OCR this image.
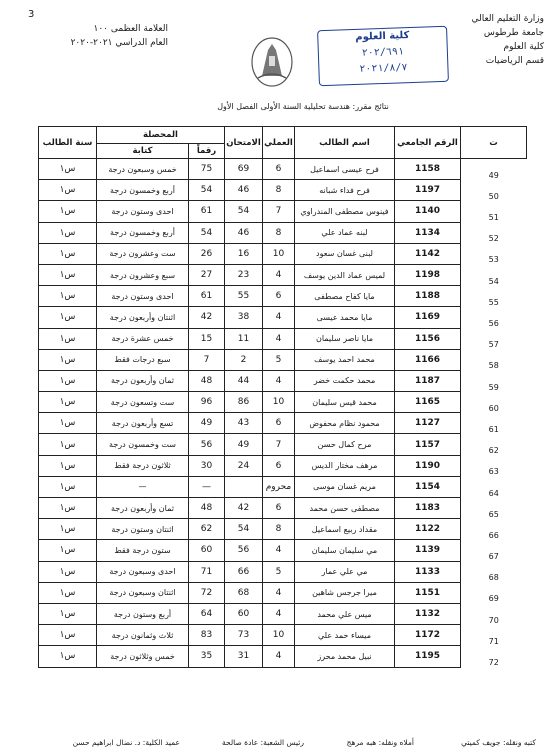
3
العلامة العظمى ١٠٠
العام الدراسي ٢٠٢١-٢٠٢٠
وزارة التعليم العالي
جامعة طرطوس
كلية العلوم
قسم الرياضيات
كلية العلوم
٢٠٢/٦٩١
٢٠٢١/٨/٧
نتائج مقرر: هندسة تحليلية السنة الأولى الفصل الأول
سنة الطالب	المحصلة		الامتحان	العملي	اسم الطالب	الرقم الجامعي	ت
	كتابة	رقماً					
س١	خمس وسبعون درجة	75	69	6	فرح عيسى اسماعيل	1158	49
س١	أربع وخمسون درجة	54	46	8	فرح فداء شبانه	1197	50
س١	احدى وستون درجة	61	54	7	فينوس مصطفى المندراوي	1140	51
س١	أربع وخمسون درجة	54	46	8	لبنه عماد علي	1134	52
س١	ست وعشرون درجة	26	16	10	لبنى غسان سعود	1142	53
س١	سبع وعشرون درجة	27	23	4	لميس عماد الدين يوسف	1198	54
س١	احدى وستون درجة	61	55	6	مايا كفاح مصطفى	1188	55
س١	اثنتان وأربعون درجة	42	38	4	مايا محمد عيسى	1169	56
س١	خمس عشرة درجة	15	11	4	مايا ناصر سليمان	1156	57
س١	سبع درجات فقط	7	2	5	محمد احمد يوسف	1166	58
س١	ثمان وأربعون درجة	48	44	4	محمد حكمت خضر	1187	59
س١	ست وتسعون درجة	96	86	10	محمد قيس سليمان	1165	60
س١	تسع وأربعون درجة	49	43	6	محمود نظام محفوض	1127	61
س١	ست وخمسون درجة	56	49	7	مرح كمال حسن	1157	62
س١	ثلاثون درجة فقط	30	24	6	مرهف مختار الديس	1190	63
س١	—	—		محروم	مريم غسان موسى	1154	64
س١	ثمان وأربعون درجة	48	42	6	مصطفى حسن محمد	1183	65
س١	اثنتان وستون درجة	62	54	8	مقداد ربيع اسماعيل	1122	66
س١	ستون درجة فقط	60	56	4	مي سليمان سليمان	1139	67
س١	احدى وسبعون درجة	71	66	5	مي علي عمار	1133	68
س١	اثنتان وسبعون درجة	72	68	4	ميرا جرجس شاهين	1151	69
س١	أربع وستون درجة	64	60	4	ميس علي محمد	1132	70
س١	ثلاث وثمانون درجة	83	73	10	ميساء حمد علي	1172	71
س١	خمس وثلاثون درجة	35	31	4	نبيل محمد محرز	1195	72
كتبه ونقله: جويف كميتي
أملاه ونقله: هبه مرهج
رئيس الشعبة: عادة صالحة
عميد الكلية: د. نضال ابراهيم حسن
